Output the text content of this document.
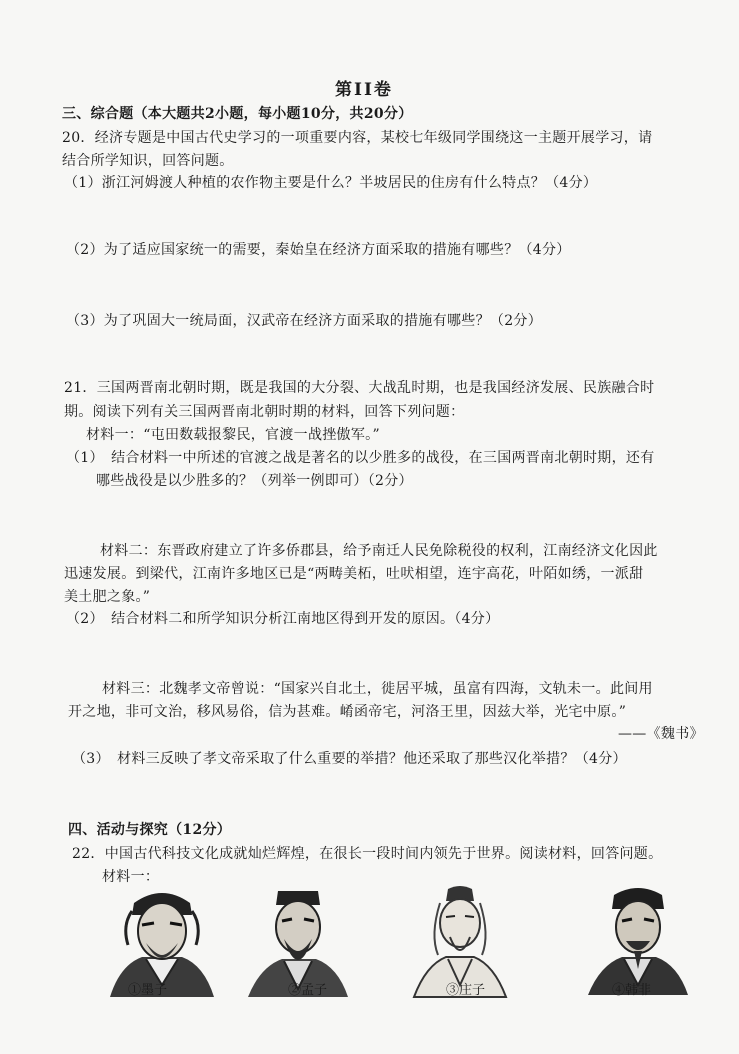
第II卷
三、综合题（本大题共2小题，每小题10分，共20分）
20．经济专题是中国古代史学习的一项重要内容，某校七年级同学围绕这一主题开展学习，请
结合所学知识，回答问题。
（1）浙江河姆渡人种植的农作物主要是什么？半坡居民的住房有什么特点？（4分）
（2）为了适应国家统一的需要，秦始皇在经济方面采取的措施有哪些？（4分）
（3）为了巩固大一统局面，汉武帝在经济方面采取的措施有哪些？（2分）
21．三国两晋南北朝时期，既是我国的大分裂、大战乱时期，也是我国经济发展、民族融合时
期。阅读下列有关三国两晋南北朝时期的材料，回答下列问题：
材料一：“屯田数载报黎民，官渡一战挫傲军。”
（1）　结合材料一中所述的官渡之战是著名的以少胜多的战役，在三国两晋南北朝时期，还有
哪些战役是以少胜多的？（列举一例即可）（2分）
材料二：东晋政府建立了许多侨郡县，给予南迁人民免除税役的权利，江南经济文化因此
迅速发展。到梁代，江南许多地区已是“两畴美柘，吐吠相望，连宇高花，叶陌如绣，一派甜
美土肥之象。”
（2）　结合材料二和所学知识分析江南地区得到开发的原因。（4分）
材料三：北魏孝文帝曾说：“国家兴自北土，徙居平城，虽富有四海，文轨未一。此间用
开之地，非可文治，移风易俗，信为甚难。崤函帝宅，河洛王里，因兹大举，光宅中原。”
——《魏书》
（3）　材料三反映了孝文帝采取了什么重要的举措？他还采取了那些汉化举措？（4分）
四、活动与探究（12分）
22．中国古代科技文化成就灿烂辉煌，在很长一段时间内领先于世界。阅读材料，回答问题。
材料一：
①墨子	②孟子	③庄子	④韩非
